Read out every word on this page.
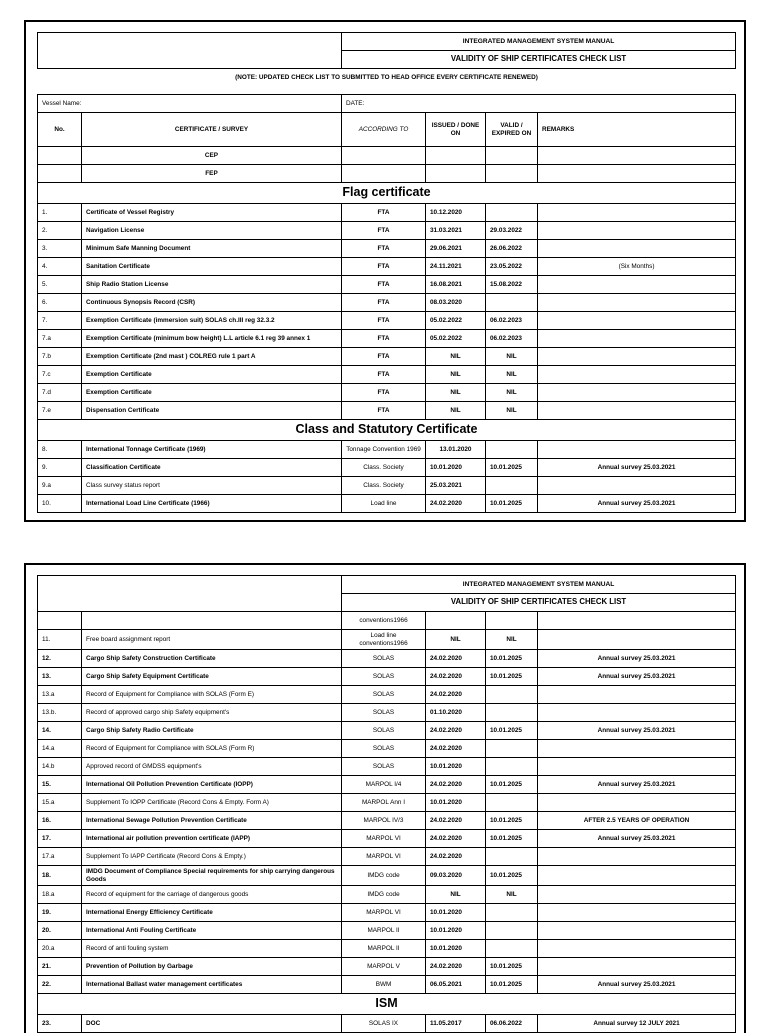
		INTEGRATED MANAGEMENT SYSTEM MANUAL			
		VALIDITY OF SHIP CERTIFICATES CHECK LIST			
(NOTE: UPDATED CHECK LIST TO SUBMITTED TO HEAD OFFICE EVERY CERTIFICATE RENEWED)					

Vessel Name:		DATE:			
No.	CERTIFICATE / SURVEY	ACCORDING TO	ISSUED / DONE ON	VALID / EXPIRED ON	REMARKS
	CEP				
	FEP				
Flag certificate					
1.	Certificate of Vessel Registry	FTA	10.12.2020		
2.	Navigation License	FTA	31.03.2021	29.03.2022	
3.	Minimum Safe Manning Document	FTA	29.06.2021	26.06.2022	
4.	Sanitation Certificate	FTA	24.11.2021	23.05.2022	(Six Months)
5.	Ship Radio Station License	FTA	16.08.2021	15.08.2022	
6.	Continuous Synopsis Record (CSR)	FTA	08.03.2020		
7.	Exemption Certificate (immersion suit) SOLAS ch.III reg 32.3.2	FTA	05.02.2022	06.02.2023	
7.a	Exemption Certificate (minimum bow height) L.L article 6.1 reg 39 annex 1	FTA	05.02.2022	06.02.2023	
7.b	Exemption Certificate (2nd mast ) COLREG rule 1 part A	FTA	NIL	NIL	
7.c	Exemption Certificate	FTA	NIL	NIL	
7.d	Exemption Certificate	FTA	NIL	NIL	
7.e	Dispensation Certificate	FTA	NIL	NIL	
Class and Statutory Certificate					
8.	International Tonnage Certificate (1969)	Tonnage Convention 1969	13.01.2020		
9.	Classification Certificate	Class. Society	10.01.2020	10.01.2025	Annual survey 25.03.2021
9.a	Class survey status report	Class. Society	25.03.2021		
10.	International Load Line Certificate (1966)	Load line	24.02.2020	10.01.2025	Annual survey 25.03.2021
		INTEGRATED MANAGEMENT SYSTEM MANUAL			
		VALIDITY OF SHIP CERTIFICATES CHECK LIST			
		conventions1966			
11.	Free board assignment report	Load line conventions1966	NIL	NIL	
12.	Cargo Ship Safety Construction Certificate	SOLAS	24.02.2020	10.01.2025	Annual survey 25.03.2021
13.	Cargo Ship Safety Equipment Certificate	SOLAS	24.02.2020	10.01.2025	Annual survey 25.03.2021
13.a	Record of Equipment for Compliance with SOLAS (Form E)	SOLAS	24.02.2020		
13.b.	Record of approved cargo ship Safety equipment's	SOLAS	01.10.2020		
14.	Cargo Ship Safety Radio Certificate	SOLAS	24.02.2020	10.01.2025	Annual survey 25.03.2021
14.a	Record of Equipment for Compliance with SOLAS (Form R)	SOLAS	24.02.2020		
14.b	Approved record of GMDSS equipment's	SOLAS	10.01.2020		
15.	International Oil Pollution Prevention Certificate (IOPP)	MARPOL I/4	24.02.2020	10.01.2025	Annual survey 25.03.2021
15.a	Supplement To IOPP Certificate (Record Cons & Empty. Form A)	MARPOL Ann I	10.01.2020		
16.	International Sewage Pollution Prevention Certificate	MARPOL IV/3	24.02.2020	10.01.2025	AFTER 2.5 YEARS OF OPERATION
17.	International air pollution prevention certificate (IAPP)	MARPOL VI	24.02.2020	10.01.2025	Annual survey 25.03.2021
17.a	Supplement To IAPP Certificate (Record Cons & Empty.)	MARPOL VI	24.02.2020		
18.	IMDG Document of Compliance Special requirements for ship carrying dangerous Goods	IMDG code	09.03.2020	10.01.2025	
18.a	Record of equipment for the carriage of dangerous goods	IMDG code	NIL	NIL	
19.	International Energy Efficiency Certificate	MARPOL VI	10.01.2020		
20.	International Anti Fouling Certificate	MARPOL II	10.01.2020		
20.a	Record of anti fouling system	MARPOL II	10.01.2020		
21.	Prevention of Pollution by Garbage	MARPOL V	24.02.2020	10.01.2025	
22.	International Ballast water management certificates	BWM	06.05.2021	10.01.2025	Annual survey 25.03.2021
ISM					
23.	DOC	SOLAS IX	11.05.2017	06.06.2022	Annual survey 12 JULY 2021
